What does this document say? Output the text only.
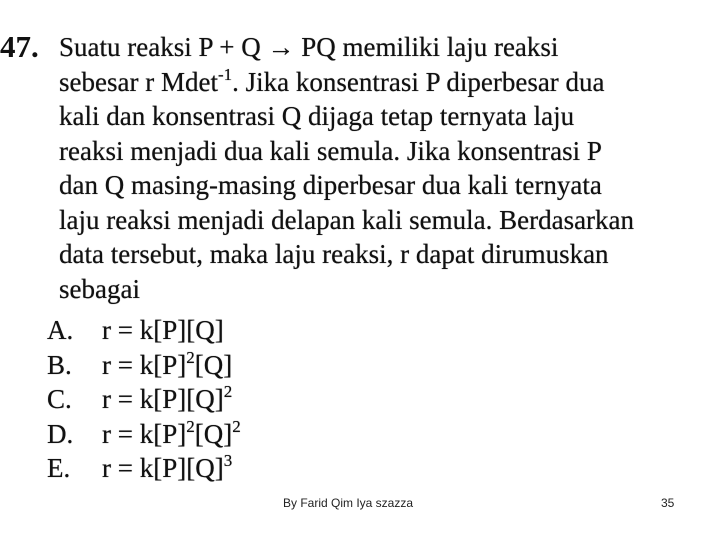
47. Suatu reaksi P + Q → PQ memiliki laju reaksi
sebesar r Mdet$^{-1}$. Jika konsentrasi P diperbesar dua
kali dan konsentrasi Q dijaga tetap ternyata laju
reaksi menjadi dua kali semula. Jika konsentrasi P
dan Q masing-masing diperbesar dua kali ternyata
laju reaksi menjadi delapan kali semula. Berdasarkan
data tersebut, maka laju reaksi, r dapat dirumuskan
sebagai
A.	r = k[P][Q]
B.	$r = k[P]^2[Q]$
C.	$r = k[P][Q]^2$
D.	$r = k[P]^2[Q]^2$
E.	$r = k[P][Q]^3$
By Farid Qim Iya szazza	35
